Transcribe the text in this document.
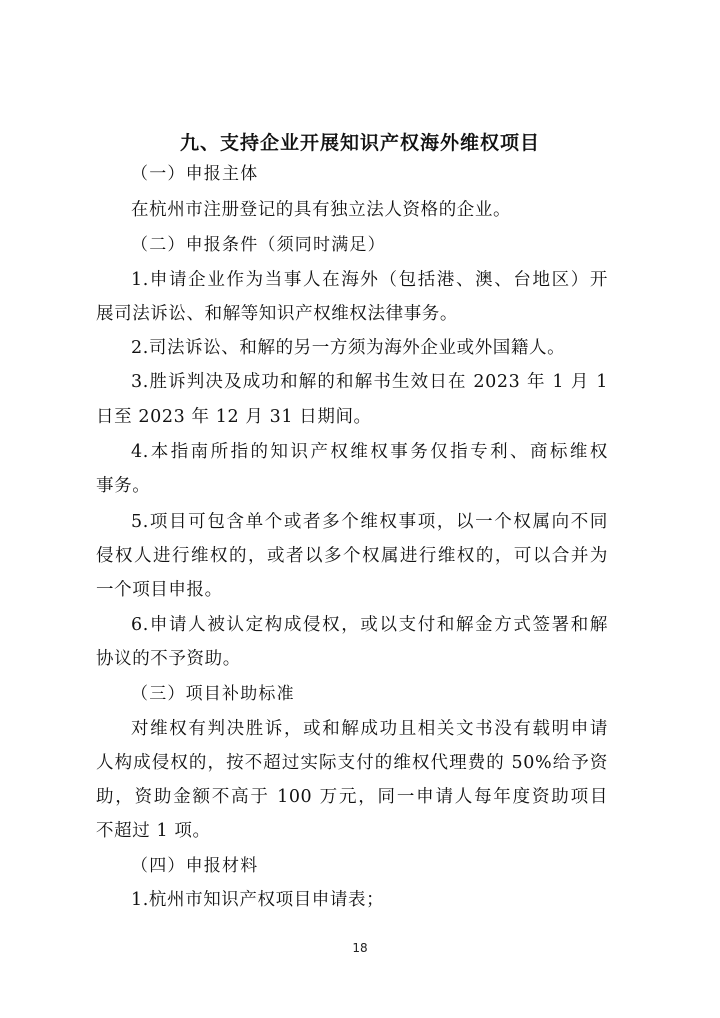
九、支持企业开展知识产权海外维权项目
（一）申报主体
在杭州市注册登记的具有独立法人资格的企业。
（二）申报条件（须同时满足）
1.申请企业作为当事人在海外（包括港、澳、台地区）开
展司法诉讼、和解等知识产权维权法律事务。
2.司法诉讼、和解的另一方须为海外企业或外国籍人。
3.胜诉判决及成功和解的和解书生效日在 2023 年 1 月 1
日至 2023 年 12 月 31 日期间。
4.本指南所指的知识产权维权事务仅指专利、商标维权
事务。
5.项目可包含单个或者多个维权事项，以一个权属向不同
侵权人进行维权的，或者以多个权属进行维权的，可以合并为
一个项目申报。
6.申请人被认定构成侵权，或以支付和解金方式签署和解
协议的不予资助。
（三）项目补助标准
对维权有判决胜诉，或和解成功且相关文书没有载明申请
人构成侵权的，按不超过实际支付的维权代理费的 50%给予资
助，资助金额不高于 100 万元，同一申请人每年度资助项目
不超过 1 项。
（四）申报材料
1.杭州市知识产权项目申请表；
18
